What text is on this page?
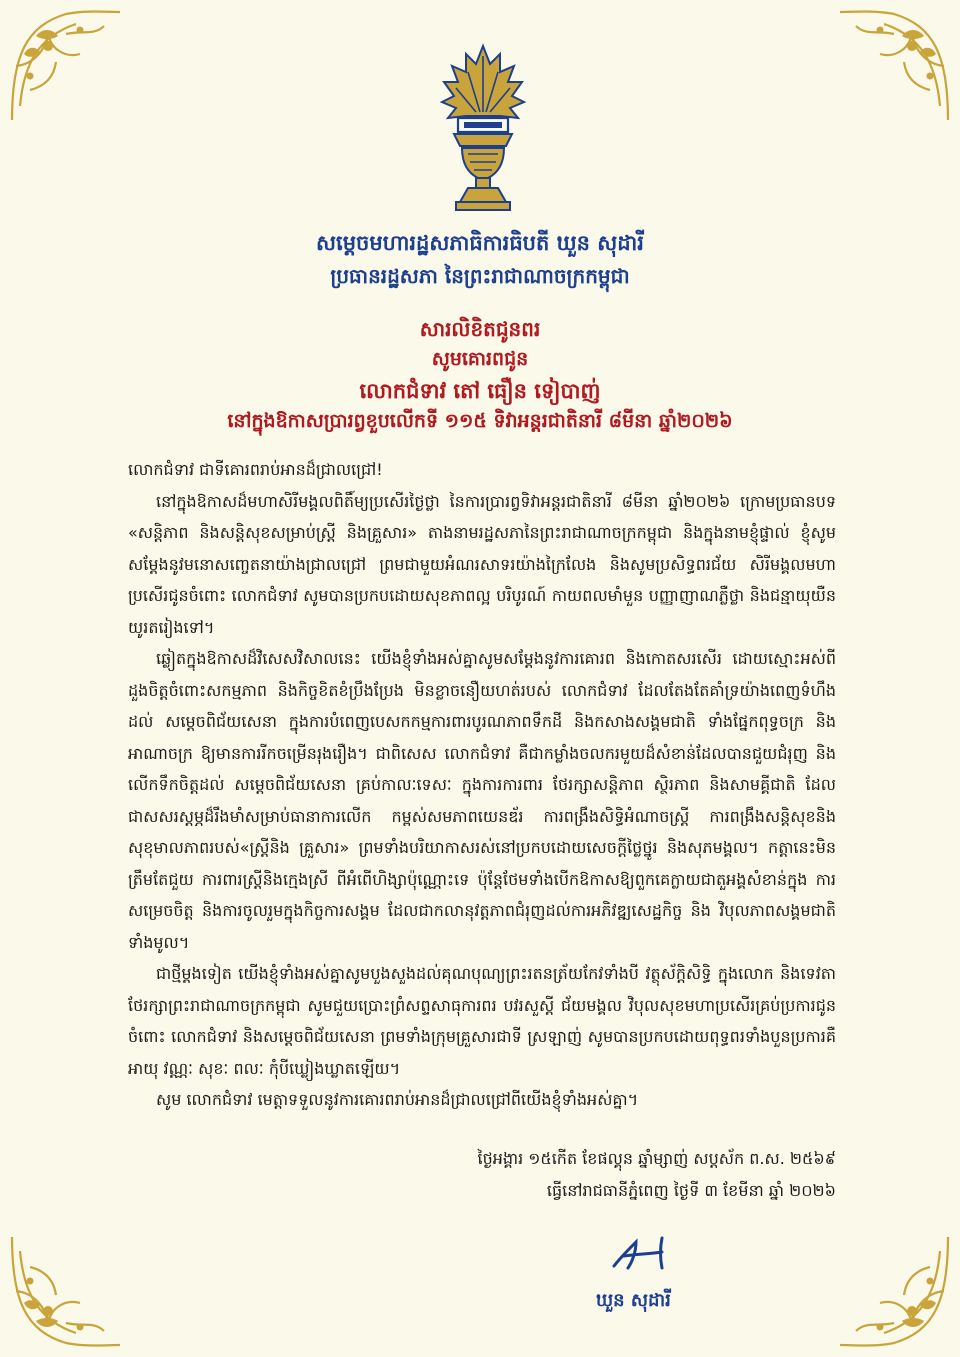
សម្តេចមហារដ្ឋសភាធិការធិបតី ឃួន សុដារី
ប្រធានរដ្ឋសភា នៃព្រះរាជាណាចក្រកម្ពុជា
សារលិខិតជូនពរ
សូមគោរពជូន
លោកជំទាវ តៅ ធឿន ទៀបាញ់
នៅក្នុងឱកាសប្រារព្វខួបលើកទី ១១៥ ទិវាអន្តរជាតិនារី ៨មីនា ឆ្នាំ២០២៦

លោកជំទាវ ជាទីគោរពរាប់អានដ៏ជ្រាលជ្រៅ!

នៅក្នុងឱកាសដ៏មហាសិរីមង្គលពិតិ៍ម្យប្រសើរថ្ងៃថ្លា នៃការប្រារព្វទិវាអន្តរជាតិនារី ៨មីនា ឆ្នាំ២០២៦ ក្រោមប្រធានបទ «សន្តិភាព និងសន្តិសុខសម្រាប់ស្ត្រី និងគ្រួសារ» តាងនាមរដ្ឋសភានៃព្រះរាជាណាចក្រកម្ពុជា និងក្នុងនាមខ្ញុំផ្ទាល់ ខ្ញុំសូមសម្តែងនូវមនោសញ្ចេតនាយ៉ាងជ្រាលជ្រៅ ព្រមជាមួយអំណរសាទរយ៉ាងក្រៃលែង និងសូមប្រសិទ្ធពរជ័យ សិរីមង្គលមហាប្រសើរជូនចំពោះ លោកជំទាវ សូមបានប្រកបដោយសុខភាពល្អ បរិបូរណ៍ កាយពលមាំមួន បញ្ញាញាណភ្លឺថ្លា និងជន្មាយុយឺនយូរតរៀងទៅ។

ឆ្លៀតក្នុងឱកាសដ៏វិសេសវិសាលនេះ យើងខ្ញុំទាំងអស់គ្នាសូមសម្តែងនូវការគោរព និងកោតសរសើរ ដោយស្មោះអស់ពីដួងចិត្តចំពោះសកម្មភាព និងកិច្ចខិតខំប្រឹងប្រែង មិនខ្លាចនឿយហត់របស់ លោកជំទាវ ដែលតែងតែគាំទ្រយ៉ាងពេញទំហឹងដល់ សម្តេចពិជ័យសេនា ក្នុងការបំពេញបេសកកម្មការពារបូរណភាពទឹកដី និងកសាងសង្គមជាតិ ទាំងផ្នែកពុទ្ធចក្រ និងអាណាចក្រ ឱ្យមានការរីកចម្រើនរុងរឿង។ ជាពិសេស លោកជំទាវ គឺជាកម្លាំងចលករមួយដ៏សំខាន់ដែលបានជួយជំរុញ និងលើកទឹកចិត្តដល់ សម្តេចពិជ័យសេនា គ្រប់កាលៈទេសៈ ក្នុងការការពារ ថែរក្សាសន្តិភាព ស្ថិរភាព និងសាមគ្គីជាតិ ដែលជាសសរស្តម្ភដ៏រឹងមាំសម្រាប់ធានាការលើក កម្ពស់សមភាពយេនឌ័រ ការពង្រឹងសិទ្ធិអំណាចស្ត្រី ការពង្រឹងសន្តិសុខនិងសុខុមាលភាពរបស់«ស្ត្រីនិង គ្រួសារ» ព្រមទាំងបរិយាកាសរស់នៅប្រកបដោយសេចក្តីថ្លៃថ្នូរ និងសុភមង្គល។ កត្តានេះមិនត្រឹមតែជួយ ការពារស្ត្រីនិងក្មេងស្រី ពីអំពើហិង្សាប៉ុណ្ណោះទេ ប៉ុន្តែថែមទាំងបើកឱកាសឱ្យពួកគេក្លាយជាតួអង្គសំខាន់ក្នុង ការសម្រេចចិត្ត និងការចូលរួមក្នុងកិច្ចការសង្គម ដែលជាកលានុវត្តភាពជំរុញដល់ការអភិវឌ្ឍសេដ្ឋកិច្ច និង វិបុលភាពសង្គមជាតិទាំងមូល។

ជាថ្មីម្តងទៀត យើងខ្ញុំទាំងអស់គ្នាសូមបួងសួងដល់គុណបុណ្យព្រះរតនត្រ័យកែវទាំងបី វត្ថុស័ក្តិសិទ្ធិ ក្នុងលោក និងទេវតាថែរក្សាព្រះរាជាណាចក្រកម្ពុជា សូមជួយប្រោះព្រំសព្ទសាធុការពរ បវរសួស្តី ជ័យមង្គល វិបុលសុខមហាប្រសើរគ្រប់ប្រការជូនចំពោះ លោកជំទាវ និងសម្តេចពិជ័យសេនា ព្រមទាំងក្រុមគ្រួសារជាទី ស្រឡាញ់ សូមបានប្រកបដោយពុទ្ធពរទាំងបួនប្រការគឺ អាយុ វណ្ណៈ សុខៈ ពលៈ កុំបីឃ្លៀងឃ្លាតឡើយ។

សូម លោកជំទាវ មេត្តាទទួលនូវការគោរពរាប់អានដ៏ជ្រាលជ្រៅពីយើងខ្ញុំទាំងអស់គ្នា។

ថ្ងៃអង្គារ ១៥កើត ខែផល្គុន ឆ្នាំម្សាញ់ សប្តស័ក ព.ស. ២៥៦៩
ធ្វើនៅរាជធានីភ្នំពេញ ថ្ងៃទី ៣ ខែមីនា ឆ្នាំ ២០២៦
ឃួន សុដារី
